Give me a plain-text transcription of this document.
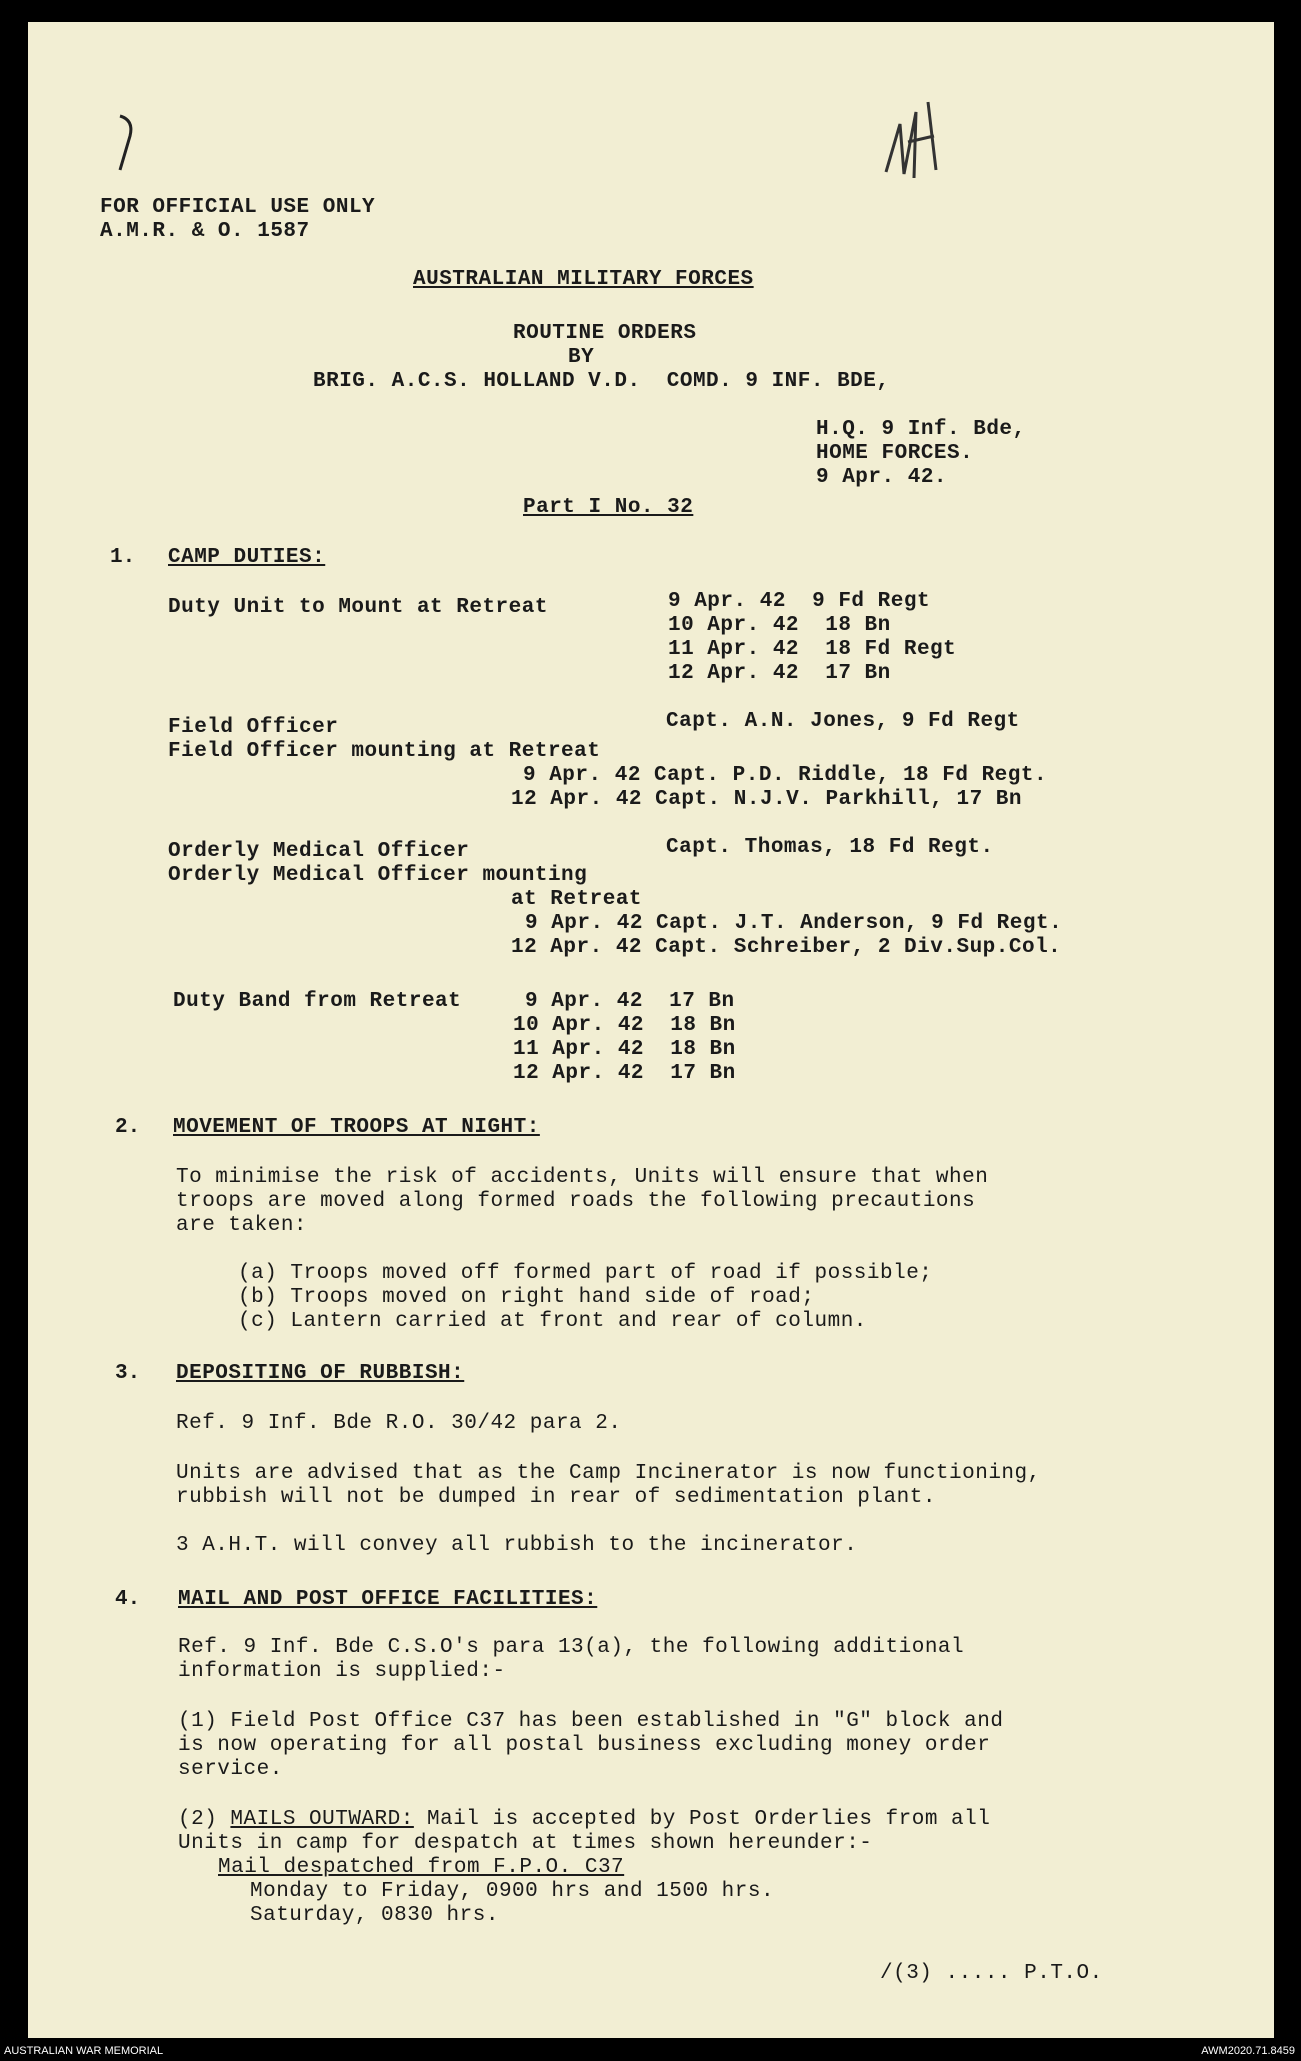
FOR OFFICIAL USE ONLY
A.M.R. & O. 1587
AUSTRALIAN MILITARY FORCES
ROUTINE ORDERS
BY
BRIG. A.C.S. HOLLAND V.D.  COMD. 9 INF. BDE,
H.Q. 9 Inf. Bde,
HOME FORCES.
9 Apr. 42.
Part I No. 32
1. CAMP DUTIES:
Duty Unit to Mount at Retreat	9 Apr. 42  9 Fd Regt
10 Apr. 42  18 Bn
11 Apr. 42  18 Fd Regt
12 Apr. 42  17 Bn
Field Officer	Capt. A.N. Jones, 9 Fd Regt
Field Officer mounting at Retreat
9 Apr. 42 Capt. P.D. Riddle, 18 Fd Regt.
12 Apr. 42 Capt. N.J.V. Parkhill, 17 Bn
Orderly Medical Officer	Capt. Thomas, 18 Fd Regt.
Orderly Medical Officer mounting
at Retreat
9 Apr. 42 Capt. J.T. Anderson, 9 Fd Regt.
12 Apr. 42 Capt. Schreiber, 2 Div.Sup.Col.
Duty Band from Retreat	9 Apr. 42  17 Bn
10 Apr. 42  18 Bn
11 Apr. 42  18 Bn
12 Apr. 42  17 Bn
2. MOVEMENT OF TROOPS AT NIGHT:
To minimise the risk of accidents, Units will ensure that when
troops are moved along formed roads the following precautions
are taken:
(a) Troops moved off formed part of road if possible;
(b) Troops moved on right hand side of road;
(c) Lantern carried at front and rear of column.
3. DEPOSITING OF RUBBISH:
Ref. 9 Inf. Bde R.O. 30/42 para 2.
Units are advised that as the Camp Incinerator is now functioning,
rubbish will not be dumped in rear of sedimentation plant.
3 A.H.T. will convey all rubbish to the incinerator.
4. MAIL AND POST OFFICE FACILITIES:
Ref. 9 Inf. Bde C.S.O's para 13(a), the following additional
information is supplied:-
(1) Field Post Office C37 has been established in "G" block and
is now operating for all postal business excluding money order
service.
(2) MAILS OUTWARD: Mail is accepted by Post Orderlies from all
Units in camp for despatch at times shown hereunder:-
Mail despatched from F.P.O. C37
Monday to Friday, 0900 hrs and 1500 hrs.
Saturday, 0830 hrs.
/(3) ..... P.T.O.
AUSTRALIAN WAR MEMORIAL	AWM2020.71.8459
